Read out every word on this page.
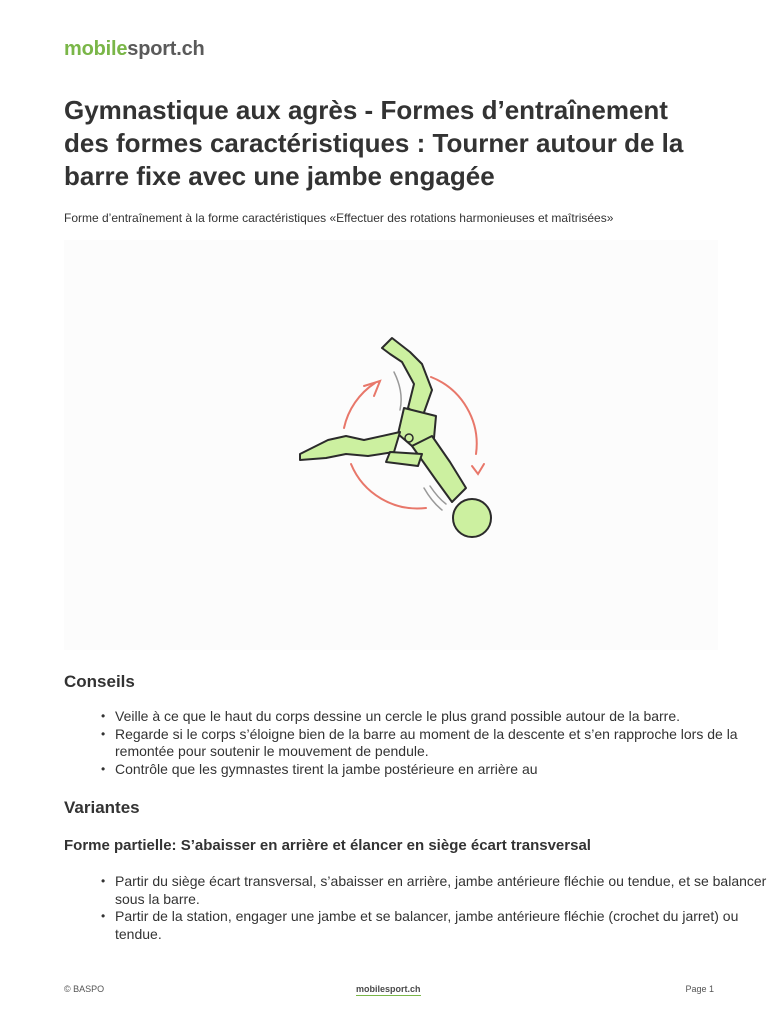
mobilesport.ch
Gymnastique aux agrès - Formes d’entraînement des formes caractéristiques : Tourner autour de la barre fixe avec une jambe engagée

Forme d’entraînement à la forme caractéristiques «Effectuer des rotations harmonieuses et maîtrisées»

Conseils
• Veille à ce que le haut du corps dessine un cercle le plus grand possible autour de la barre.
• Regarde si le corps s’éloigne bien de la barre au moment de la descente et s’en rapproche lors de la remontée pour soutenir le mouvement de pendule.
• Contrôle que les gymnastes tirent la jambe postérieure en arrière au
Variantes
Forme partielle: S’abaisser en arrière et élancer en siège écart transversal
• Partir du siège écart transversal, s’abaisser en arrière, jambe antérieure fléchie ou tendue, et se balancer sous la barre.
• Partir de la station, engager une jambe et se balancer, jambe antérieure fléchie (crochet du jarret) ou tendue.
© BASPO	mobilesport.ch	Page 1
